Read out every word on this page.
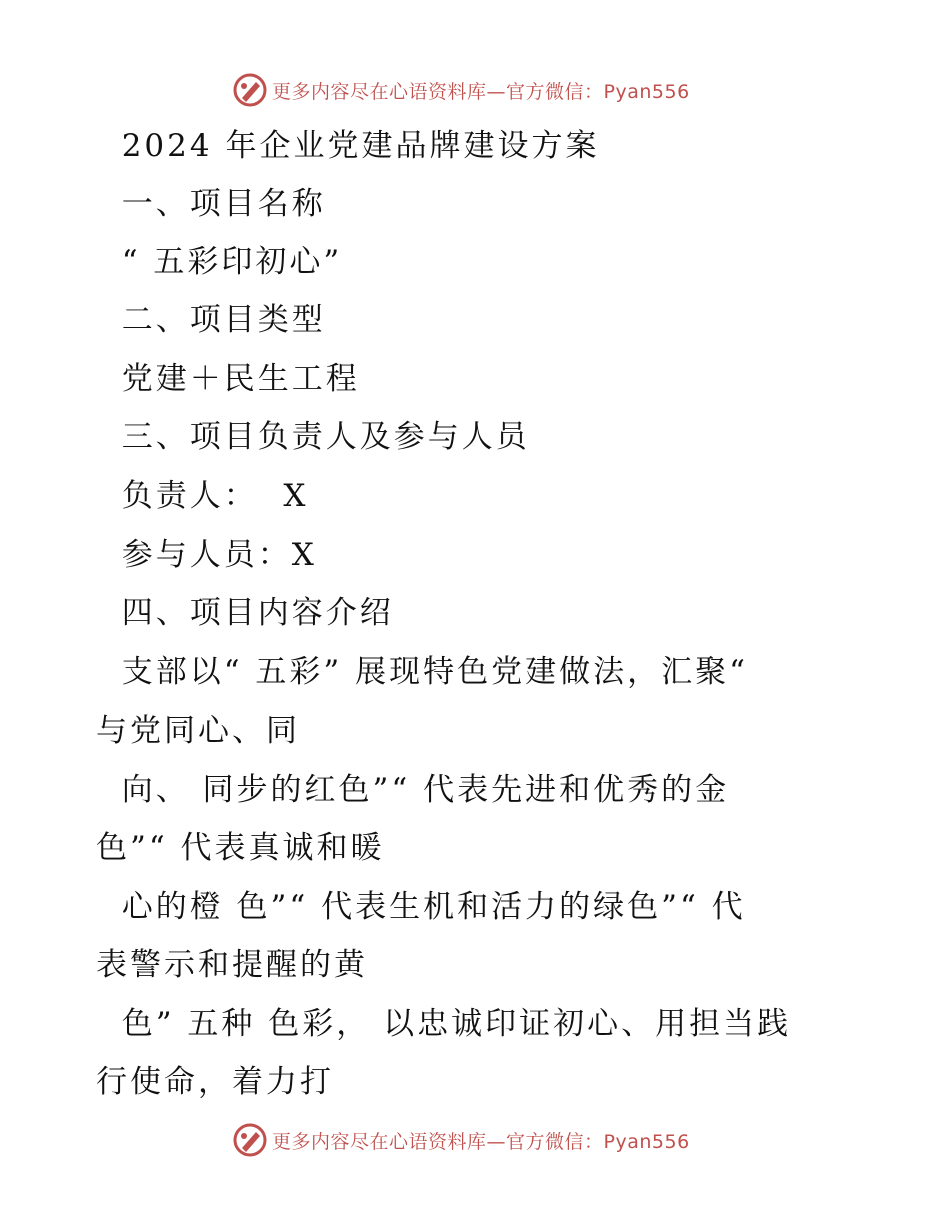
更多内容尽在心语资料库—官方微信：Pyan556
2024 年企业党建品牌建设方案
一、项目名称
“ 五彩印初心”
二、项目类型
党建＋民生工程
三、项目负责人及参与人员
负责人：  X
参与人员：X
四、项目内容介绍
支部以“ 五彩” 展现特色党建做法，汇聚“
与党同心、同
向、 同步的红色”“ 代表先进和优秀的金
色”“ 代表真诚和暖
心的橙 色”“ 代表生机和活力的绿色”“ 代
表警示和提醒的黄
色” 五种 色彩， 以忠诚印证初心、用担当践
行使命，着力打
更多内容尽在心语资料库—官方微信：Pyan556
